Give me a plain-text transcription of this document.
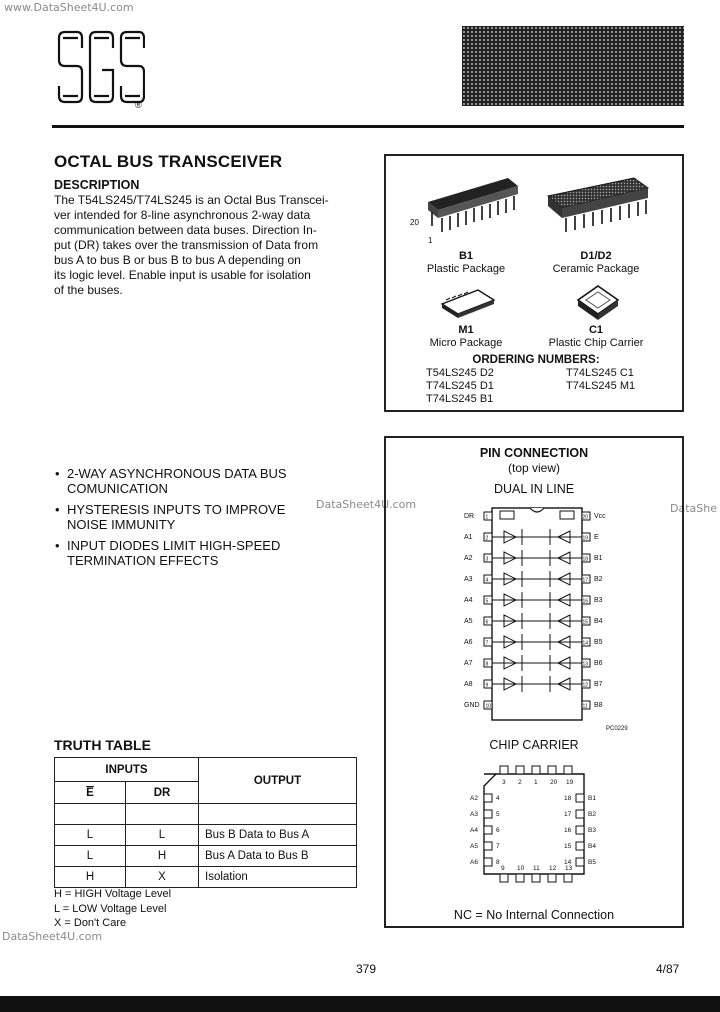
www.DataSheet4U.com
DataSheet4U.com	DataShe
DataSheet4U.com
®
OCTAL BUS TRANSCEIVER
DESCRIPTION
The T54LS245/T74LS245 is an Octal Bus Transcei-
ver intended for 8-line asynchronous 2-way data
communication between data buses. Direction In-
put (DR) takes over the transmission of Data from
bus A to bus B or bus B to bus A depending on
its logic level. Enable input is usable for isolation
of the buses.
• 2-WAY ASYNCHRONOUS DATA BUS
COMUNICATION
• HYSTERESIS INPUTS TO IMPROVE
NOISE IMMUNITY
• INPUT DIODES LIMIT HIGH-SPEED
TERMINATION EFFECTS
20
1
B1
Plastic Package
D1/D2
Ceramic Package
M1
Micro Package
C1
Plastic Chip Carrier
ORDERING NUMBERS:
T54LS245 D2
T74LS245 D1
T74LS245 B1
T74LS245 C1
T74LS245 M1
PIN CONNECTION
(top view)
DUAL IN LINE
DR	Vcc
1	20
A1	E
2	19
A2	B1
3	18
A3	B2
4	17
A4	B3
5	16
A5	B4
6	15
A6	B5
7	14
A7	B6
8	13
A8	B7
9	12
GND	B8
10	11
PC0229
CHIP CARRIER
3
9
A2	B1
4	18
2
10
A3	B2
5	17
1
11
A4	B3
6	16
20
12
A5	B4
7	15
19
13
A6	B5
8	14
NC = No Internal Connection
TRUTH TABLE
INPUTS		OUTPUT
$\overline{E}$	DR	

L	L	Bus B Data to Bus A
L	H	Bus A Data to Bus B
H	X	Isolation
H = HIGH Voltage Level
L = LOW Voltage Level
X = Don't Care
379	4/87
